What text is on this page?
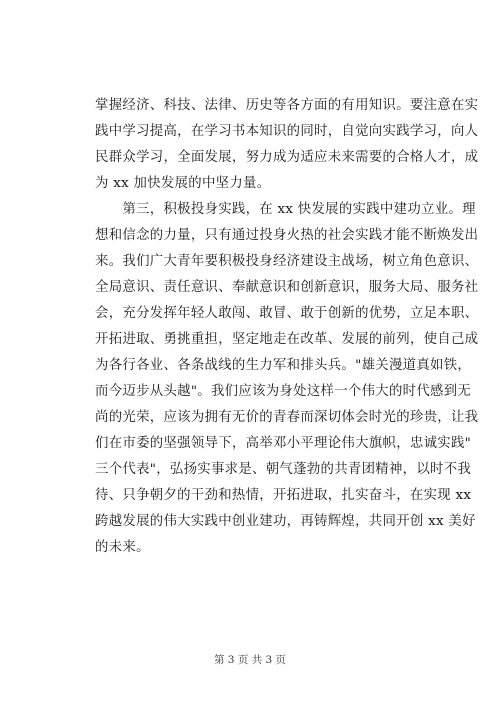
掌握经济、科技、法律、历史等各方面的有用知识。要注意在实
践中学习提高，在学习书本知识的同时，自觉向实践学习，向人
民群众学习，全面发展，努力成为适应未来需要的合格人才，成
为 xx 加快发展的中坚力量。
　　第三，积极投身实践，在 xx 快发展的实践中建功立业。理
想和信念的力量，只有通过投身火热的社会实践才能不断焕发出
来。我们广大青年要积极投身经济建设主战场，树立角色意识、
全局意识、责任意识、奉献意识和创新意识，服务大局、服务社
会，充分发挥年轻人敢闯、敢冒、敢于创新的优势，立足本职、
开拓进取、勇挑重担，坚定地走在改革、发展的前列，使自己成
为各行各业、各条战线的生力军和排头兵。"雄关漫道真如铁，
而今迈步从头越"。我们应该为身处这样一个伟大的时代感到无
尚的光荣，应该为拥有无价的青春而深切体会时光的珍贵，让我
们在市委的坚强领导下，高举邓小平理论伟大旗帜，忠诚实践"
三个代表"，弘扬实事求是、朝气蓬勃的共青团精神，以时不我
待、只争朝夕的干劲和热情，开拓进取，扎实奋斗，在实现 xx
跨越发展的伟大实践中创业建功，再铸辉煌，共同开创 xx 美好
的未来。
第 3 页 共 3 页
